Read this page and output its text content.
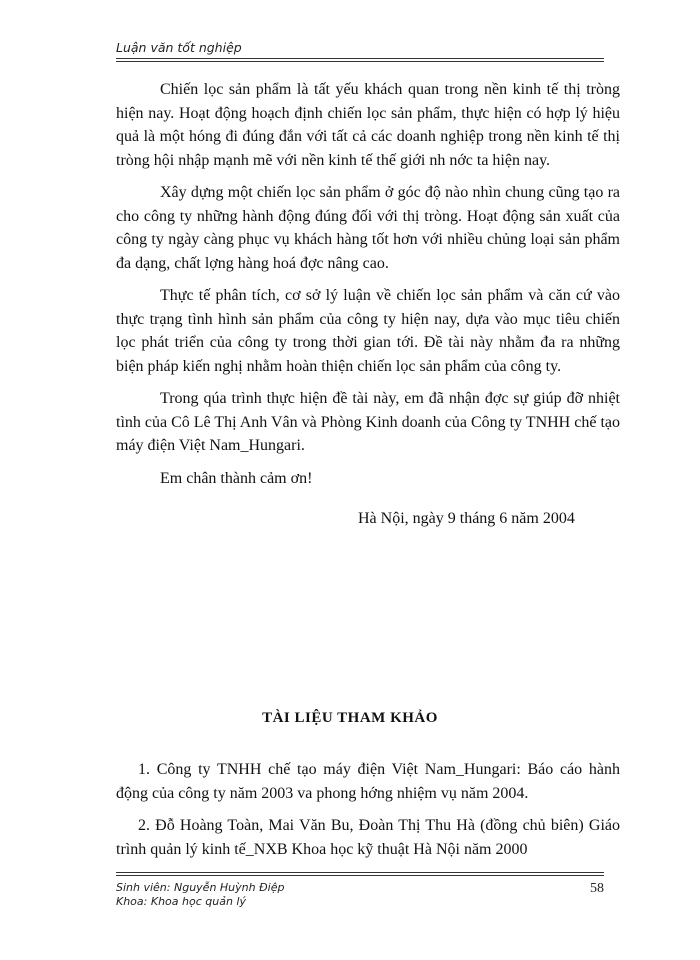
Luận văn tốt nghiệp

Chiến lọc sản phẩm là tất yếu khách quan trong nền kinh tế thị tròng hiện nay. Hoạt động hoạch định chiến lọc sản phẩm, thực hiện có hợp lý hiệu quả là một hóng đi đúng đắn với tất cả các doanh nghiệp trong nền kinh tế thị tròng hội nhập mạnh mẽ với nền kinh tế thế giới nh nớc ta hiện nay.

Xây dựng một chiến lọc sản phẩm ở góc độ nào nhìn chung cũng tạo ra cho công ty những hành động đúng đối với thị tròng. Hoạt động sản xuất của công ty ngày càng phục vụ khách hàng tốt hơn với nhiều chủng loại sản phẩm đa dạng, chất lợng hàng hoá đợc nâng cao.

Thực tế phân tích, cơ sở lý luận về chiến lọc sản phẩm và căn cứ vào thực trạng tình hình sản phẩm của công ty hiện nay, dựa vào mục tiêu chiến lọc phát triển của công ty trong thời gian tới. Đề tài này nhằm đa ra những biện pháp kiến nghị nhằm hoàn thiện chiến lọc sản phẩm của công ty.

Trong qúa trình thực hiện đề tài này, em đã nhận đợc sự giúp đỡ nhiệt tình của Cô Lê Thị Anh Vân và Phòng Kinh doanh của Công ty TNHH chế tạo máy điện Việt Nam_Hungari.

Em chân thành cảm ơn!

Hà Nội, ngày 9 tháng 6 năm 2004
TÀI LIỆU THAM KHẢO

1. Công ty TNHH chế tạo máy điện Việt Nam_Hungari: Báo cáo hành động của công ty năm 2003 va phong hớng nhiệm vụ năm 2004.

2. Đỗ Hoàng Toàn, Mai Văn Bu, Đoàn Thị Thu Hà (đồng chủ biên) Giáo trình quản lý kinh tế_NXB Khoa học kỹ thuật Hà Nội năm 2000

Sinh viên: Nguyễn Huỳnh Điệp
Khoa: Khoa học quản lý
58
